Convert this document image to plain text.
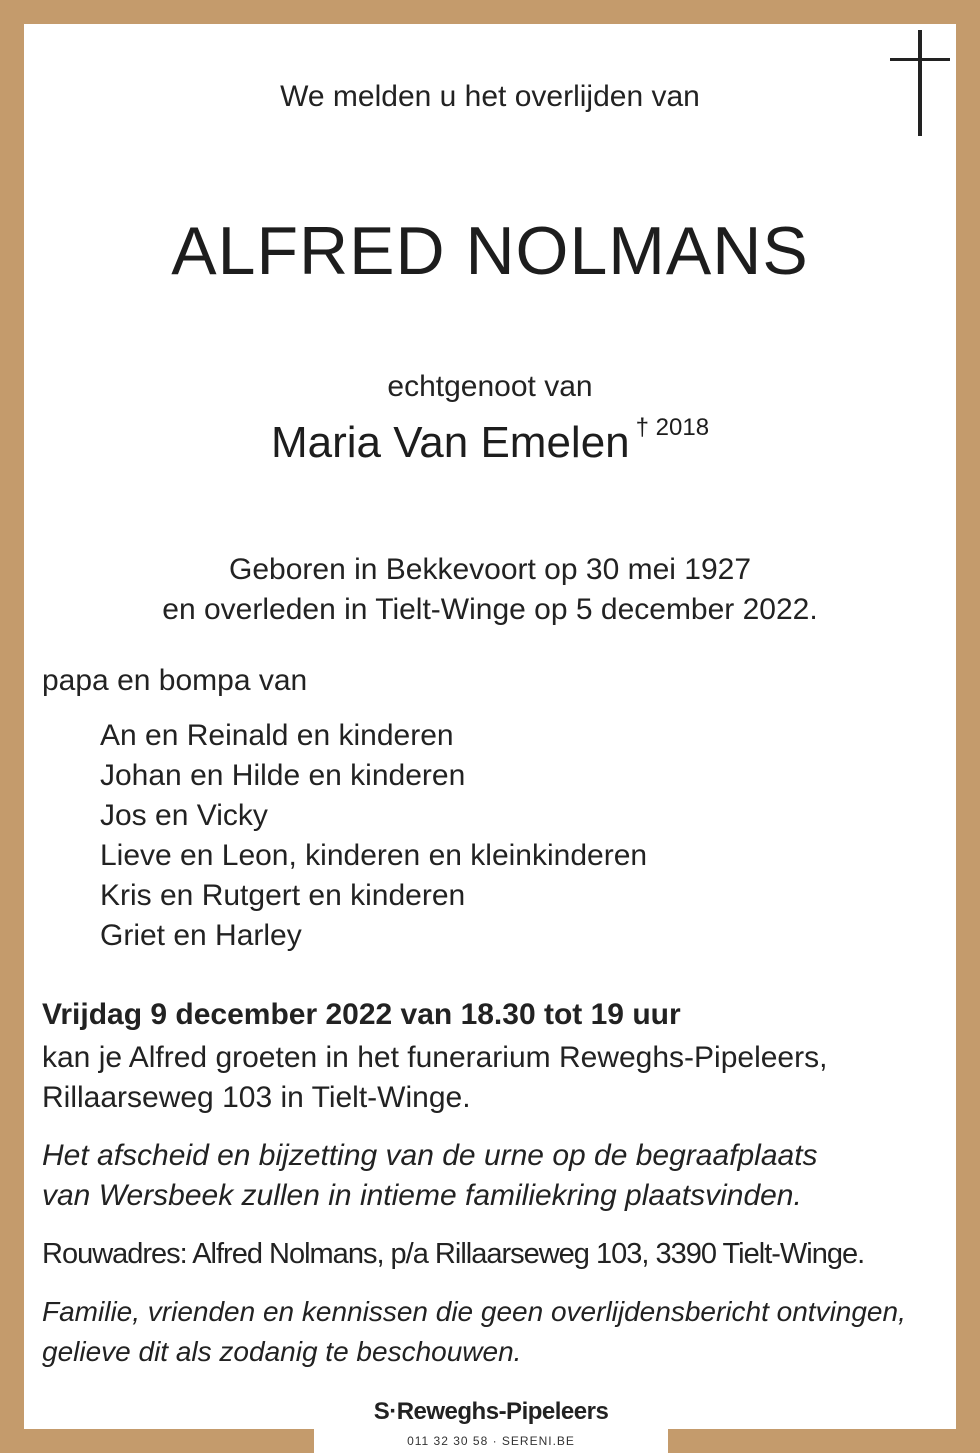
We melden u het overlijden van
ALFRED NOLMANS
echtgenoot van
Maria Van Emelen $^{\dagger 2018}$
Geboren in Bekkevoort op 30 mei 1927
en overleden in Tielt-Winge op 5 december 2022.
papa en bompa van
An en Reinald en kinderen
Johan en Hilde en kinderen
Jos en Vicky
Lieve en Leon, kinderen en kleinkinderen
Kris en Rutgert en kinderen
Griet en Harley
Vrijdag 9 december 2022 van 18.30 tot 19 uur
kan je Alfred groeten in het funerarium Reweghs-Pipeleers,
Rillaarseweg 103 in Tielt-Winge.
Het afscheid en bijzetting van de urne op de begraafplaats
van Wersbeek zullen in intieme familiekring plaatsvinden.
Rouwadres: Alfred Nolmans, p/a Rillaarseweg 103, 3390 Tielt-Winge.
Familie, vrienden en kennissen die geen overlijdensbericht ontvingen,
gelieve dit als zodanig te beschouwen.
S·Reweghs-Pipeleers
011 32 30 58 · SERENI.BE
